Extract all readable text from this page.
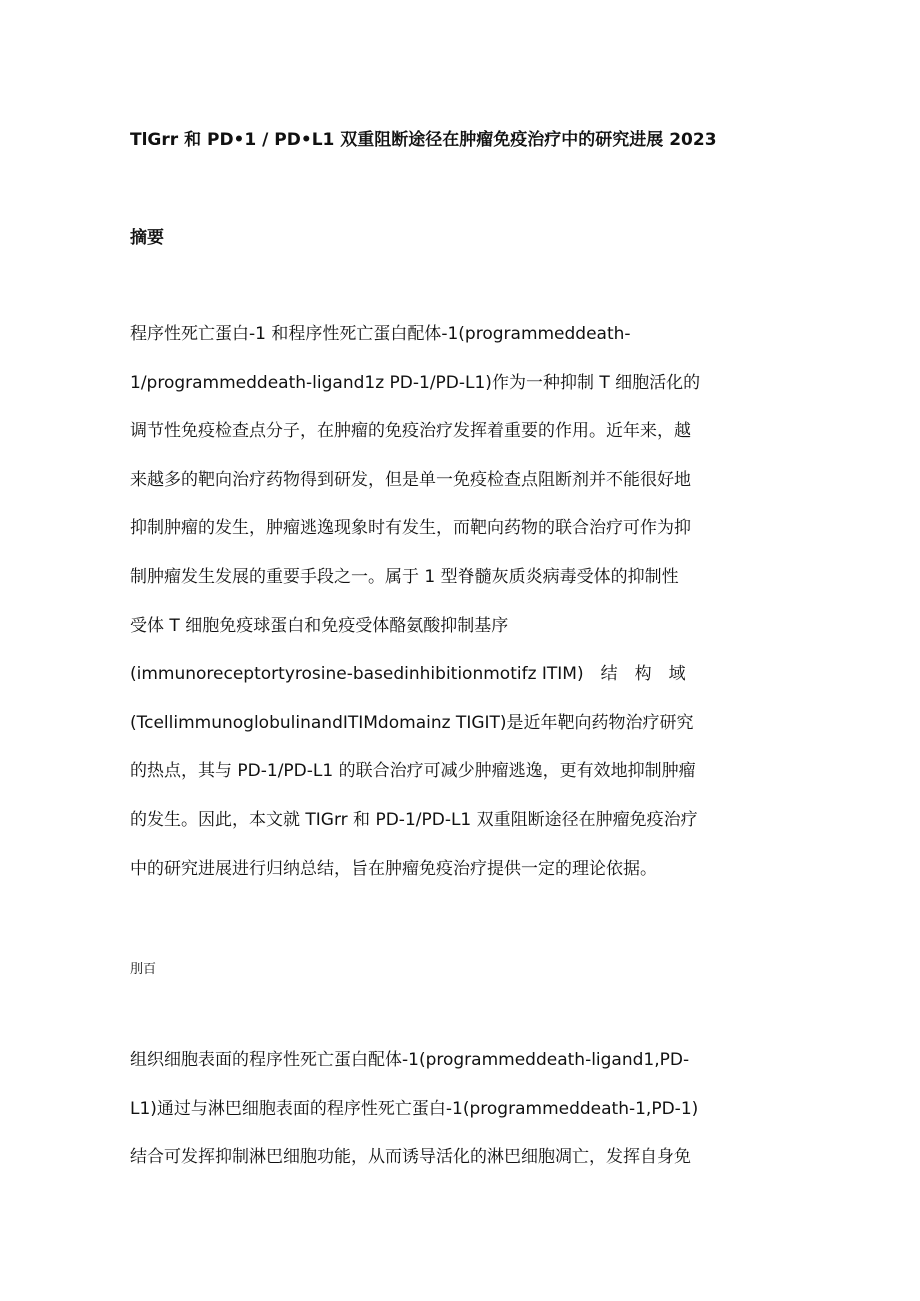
TlGrr 和 PD•1 / PD•L1 双重阻断途径在肿瘤免疫治疗中的研究进展 2023
摘要
程序性死亡蛋白-1 和程序性死亡蛋白配体-1(programmeddeath-
1/programmeddeath-ligand1z PD-1/PD-L1)作为一种抑制 T 细胞活化的
调节性免疫检查点分子，在肿瘤的免疫治疗发挥着重要的作用。近年来，越
来越多的靶向治疗药物得到研发，但是单一免疫检查点阻断剂并不能很好地
抑制肿瘤的发生，肿瘤逃逸现象时有发生，而靶向药物的联合治疗可作为抑
制肿瘤发生发展的重要手段之一。属于 1 型脊髓灰质炎病毒受体的抑制性
受体 T 细胞免疫球蛋白和免疫受体酪氨酸抑制基序
(immunoreceptortyrosine-basedinhibitionmotifz ITIM)　结　构　域
(TcellimmunoglobulinandITIMdomainz TIGIT)是近年靶向药物治疗研究
的热点，其与 PD-1/PD-L1 的联合治疗可减少肿瘤逃逸，更有效地抑制肿瘤
的发生。因此，本文就 TIGrr 和 PD-1/PD-L1 双重阻断途径在肿瘤免疫治疗
中的研究进展进行归纳总结，旨在肿瘤免疫治疗提供一定的理论依据。
刖百
组织细胞表面的程序性死亡蛋白配体-1(programmeddeath-ligand1,PD-
L1)通过与淋巴细胞表面的程序性死亡蛋白-1(programmeddeath-1,PD-1)
结合可发挥抑制淋巴细胞功能，从而诱导活化的淋巴细胞凋亡，发挥自身免
